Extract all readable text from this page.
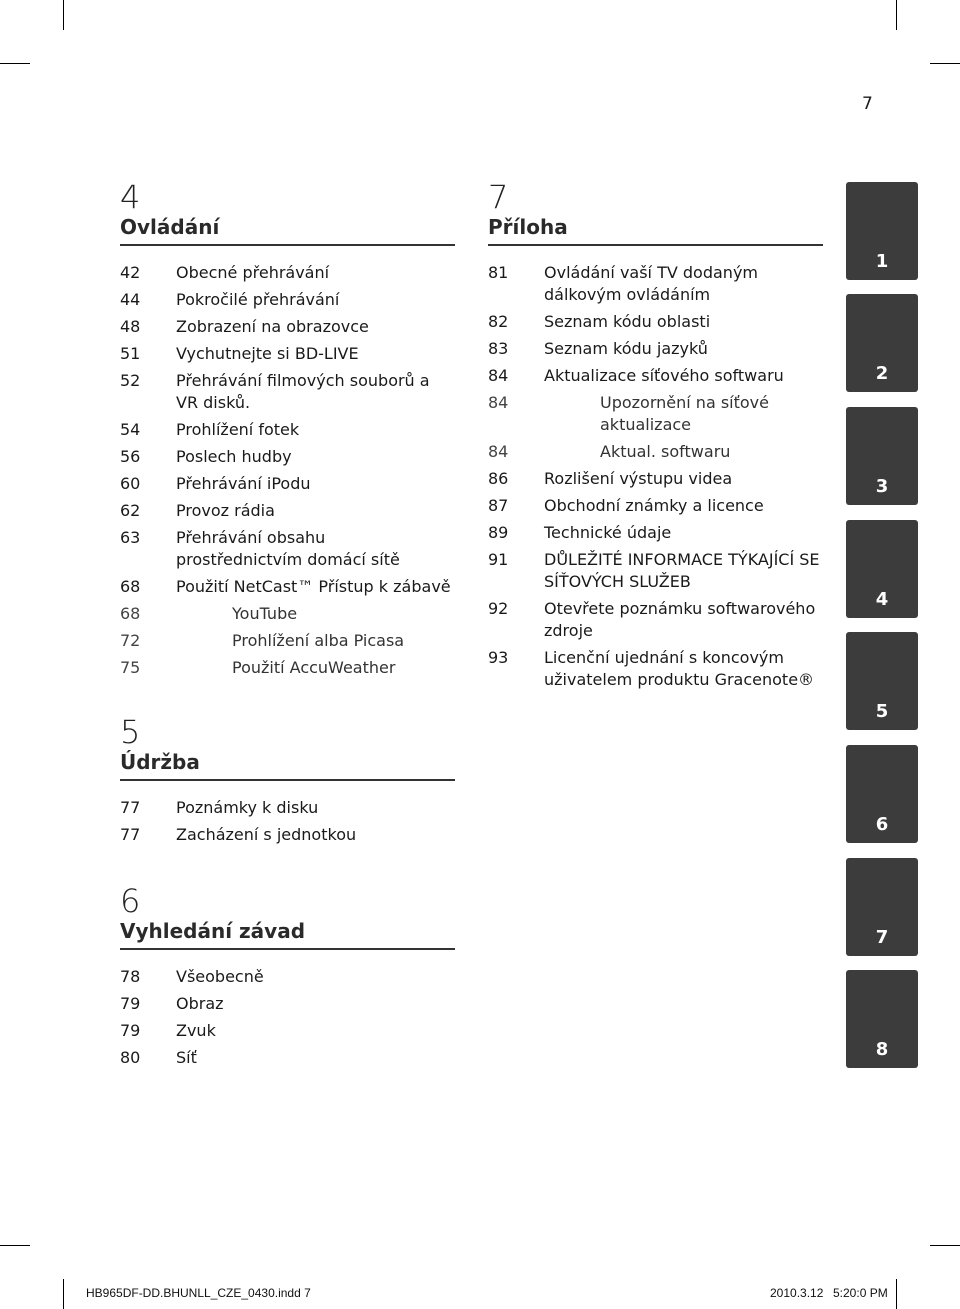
7
4
Ovládání
42	Obecné přehrávání
44	Pokročilé přehrávání
48	Zobrazení na obrazovce
51	Vychutnejte si BD-LIVE
52	Přehrávání filmových souborů a VR disků.
54	Prohlížení fotek
56	Poslech hudby
60	Přehrávání iPodu
62	Provoz rádia
63	Přehrávání obsahu prostřednictvím domácí sítě
68	Použití NetCast™ Přístup k zábavě
68	YouTube
72	Prohlížení alba Picasa
75	Použití AccuWeather
5
Údržba
77	Poznámky k disku
77	Zacházení s jednotkou
6
Vyhledání závad
78	Všeobecně
79	Obraz
79	Zvuk
80	Síť
7
Příloha
81	Ovládání vaší TV dodaným dálkovým ovládáním
82	Seznam kódu oblasti
83	Seznam kódu jazyků
84	Aktualizace síťového softwaru
84	Upozornění na síťové aktualizace
84	Aktual. softwaru
86	Rozlišení výstupu videa
87	Obchodní známky a licence
89	Technické údaje
91	DŮLEŽITÉ INFORMACE TÝKAJÍCÍ SE SÍŤOVÝCH SLUŽEB
92	Otevřete poznámku softwarového zdroje
93	Licenční ujednání s koncovým uživatelem produktu Gracenote®
1
2
3
4
5
6
7
8
HB965DF-DD.BHUNLL_CZE_0430.indd 7	2010.3.12 5:20:0 PM
